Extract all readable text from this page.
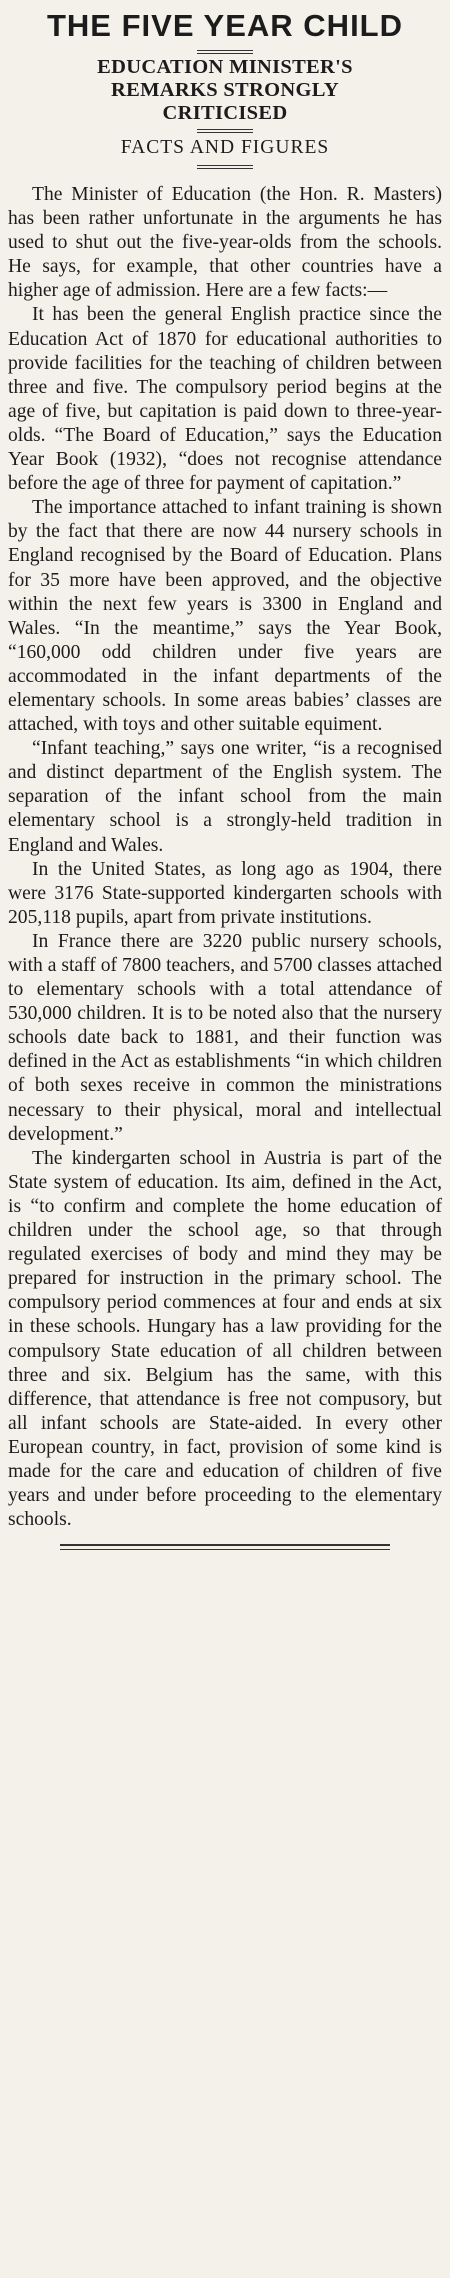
THE FIVE YEAR CHILD
EDUCATION MINISTER'S
REMARKS STRONGLY
CRITICISED
FACTS AND FIGURES

The Minister of Education (the Hon. R. Masters) has been rather unfortunate in the arguments he has used to shut out the five-year-olds from the schools. He says, for example, that other countries have a higher age of admission. Here are a few facts:—

It has been the general English practice since the Education Act of 1870 for educational authorities to provide facilities for the teaching of children between three and five. The compulsory period begins at the age of five, but capitation is paid down to three-year-olds. “The Board of Education,” says the Education Year Book (1932), “does not recognise attendance before the age of three for payment of capitation.”

The importance attached to infant training is shown by the fact that there are now 44 nursery schools in England recognised by the Board of Education. Plans for 35 more have been approved, and the objective within the next few years is 3300 in England and Wales. “In the meantime,” says the Year Book, “160,000 odd children under five years are accommodated in the infant departments of the elementary schools. In some areas babies’ classes are attached, with toys and other suitable equiment.

“Infant teaching,” says one writer, “is a recognised and distinct department of the English system. The separation of the infant school from the main elementary school is a strongly-held tradition in England and Wales.

In the United States, as long ago as 1904, there were 3176 State-supported kindergarten schools with 205,118 pupils, apart from private institutions.

In France there are 3220 public nursery schools, with a staff of 7800 teachers, and 5700 classes attached to elementary schools with a total attendance of 530,000 children. It is to be noted also that the nursery schools date back to 1881, and their function was defined in the Act as establishments “in which children of both sexes receive in common the ministrations necessary to their physical, moral and intellectual development.”

The kindergarten school in Austria is part of the State system of education. Its aim, defined in the Act, is “to confirm and complete the home education of children under the school age, so that through regulated exercises of body and mind they may be prepared for instruction in the primary school. The compulsory period commences at four and ends at six in these schools. Hungary has a law providing for the compulsory State education of all children between three and six. Belgium has the same, with this difference, that attendance is free not compusory, but all infant schools are State-aided. In every other European country, in fact, provision of some kind is made for the care and education of children of five years and under before proceeding to the elementary schools.
